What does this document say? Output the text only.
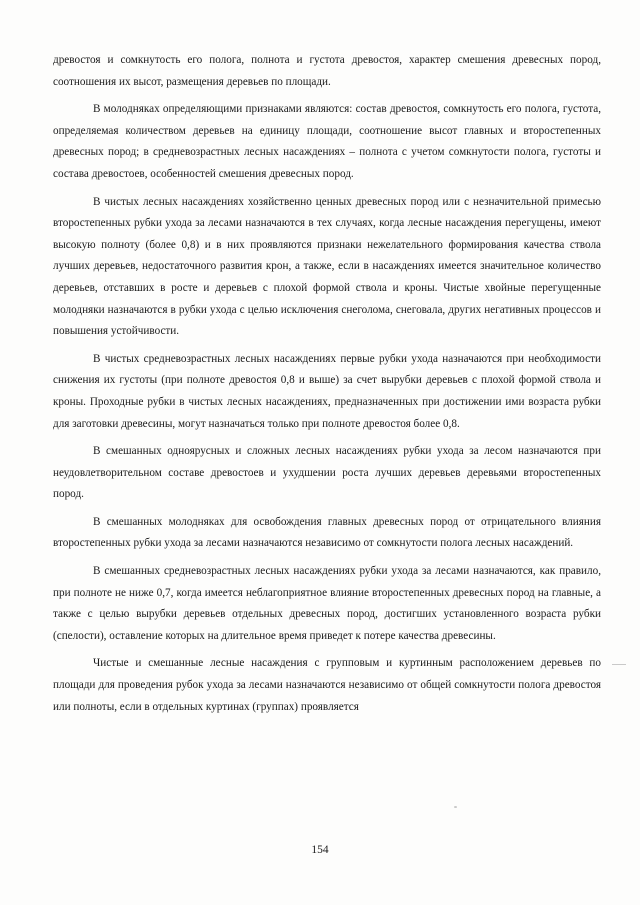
древостоя и сомкнутость его полога, полнота и густота древостоя, характер смешения древесных пород, соотношения их высот, размещения деревьев по площади.

В молодняках определяющими признаками являются: состав древостоя, сомкнутость его полога, густота, определяемая количеством деревьев на единицу площади, соотношение высот главных и второстепенных древесных пород; в средневозрастных лесных насаждениях – полнота с учетом сомкнутости полога, густоты и состава древостоев, особенностей смешения древесных пород.

В чистых лесных насаждениях хозяйственно ценных древесных пород или с незначительной примесью второстепенных рубки ухода за лесами назначаются в тех случаях, когда лесные насаждения перегущены, имеют высокую полноту (более 0,8) и в них проявляются признаки нежелательного формирования качества ствола лучших деревьев, недостаточного развития крон, а также, если в насаждениях имеется значительное количество деревьев, отставших в росте и деревьев с плохой формой ствола и кроны. Чистые хвойные перегущенные молодняки назначаются в рубки ухода с целью исключения снеголома, снеговала, других негативных процессов и повышения устойчивости.

В чистых средневозрастных лесных насаждениях первые рубки ухода назначаются при необходимости снижения их густоты (при полноте древостоя 0,8 и выше) за счет вырубки деревьев с плохой формой ствола и кроны. Проходные рубки в чистых лесных насаждениях, предназначенных при достижении ими возраста рубки для заготовки древесины, могут назначаться только при полноте древостоя более 0,8.

В смешанных одноярусных и сложных лесных насаждениях рубки ухода за лесом назначаются при неудовлетворительном составе древостоев и ухудшении роста лучших деревьев деревьями второстепенных пород.

В смешанных молодняках для освобождения главных древесных пород от отрицательного влияния второстепенных рубки ухода за лесами назначаются независимо от сомкнутости полога лесных насаждений.

В смешанных средневозрастных лесных насаждениях рубки ухода за лесами назначаются, как правило, при полноте не ниже 0,7, когда имеется неблагоприятное влияние второстепенных древесных пород на главные, а также с целью вырубки деревьев отдельных древесных пород, достигших установленного возраста рубки (спелости), оставление которых на длительное время приведет к потере качества древесины.

Чистые и смешанные лесные насаждения с групповым и куртинным расположением деревьев по площади для проведения рубок ухода за лесами назначаются независимо от общей сомкнутости полога древостоя или полноты, если в отдельных куртинах (группах) проявляется

154
